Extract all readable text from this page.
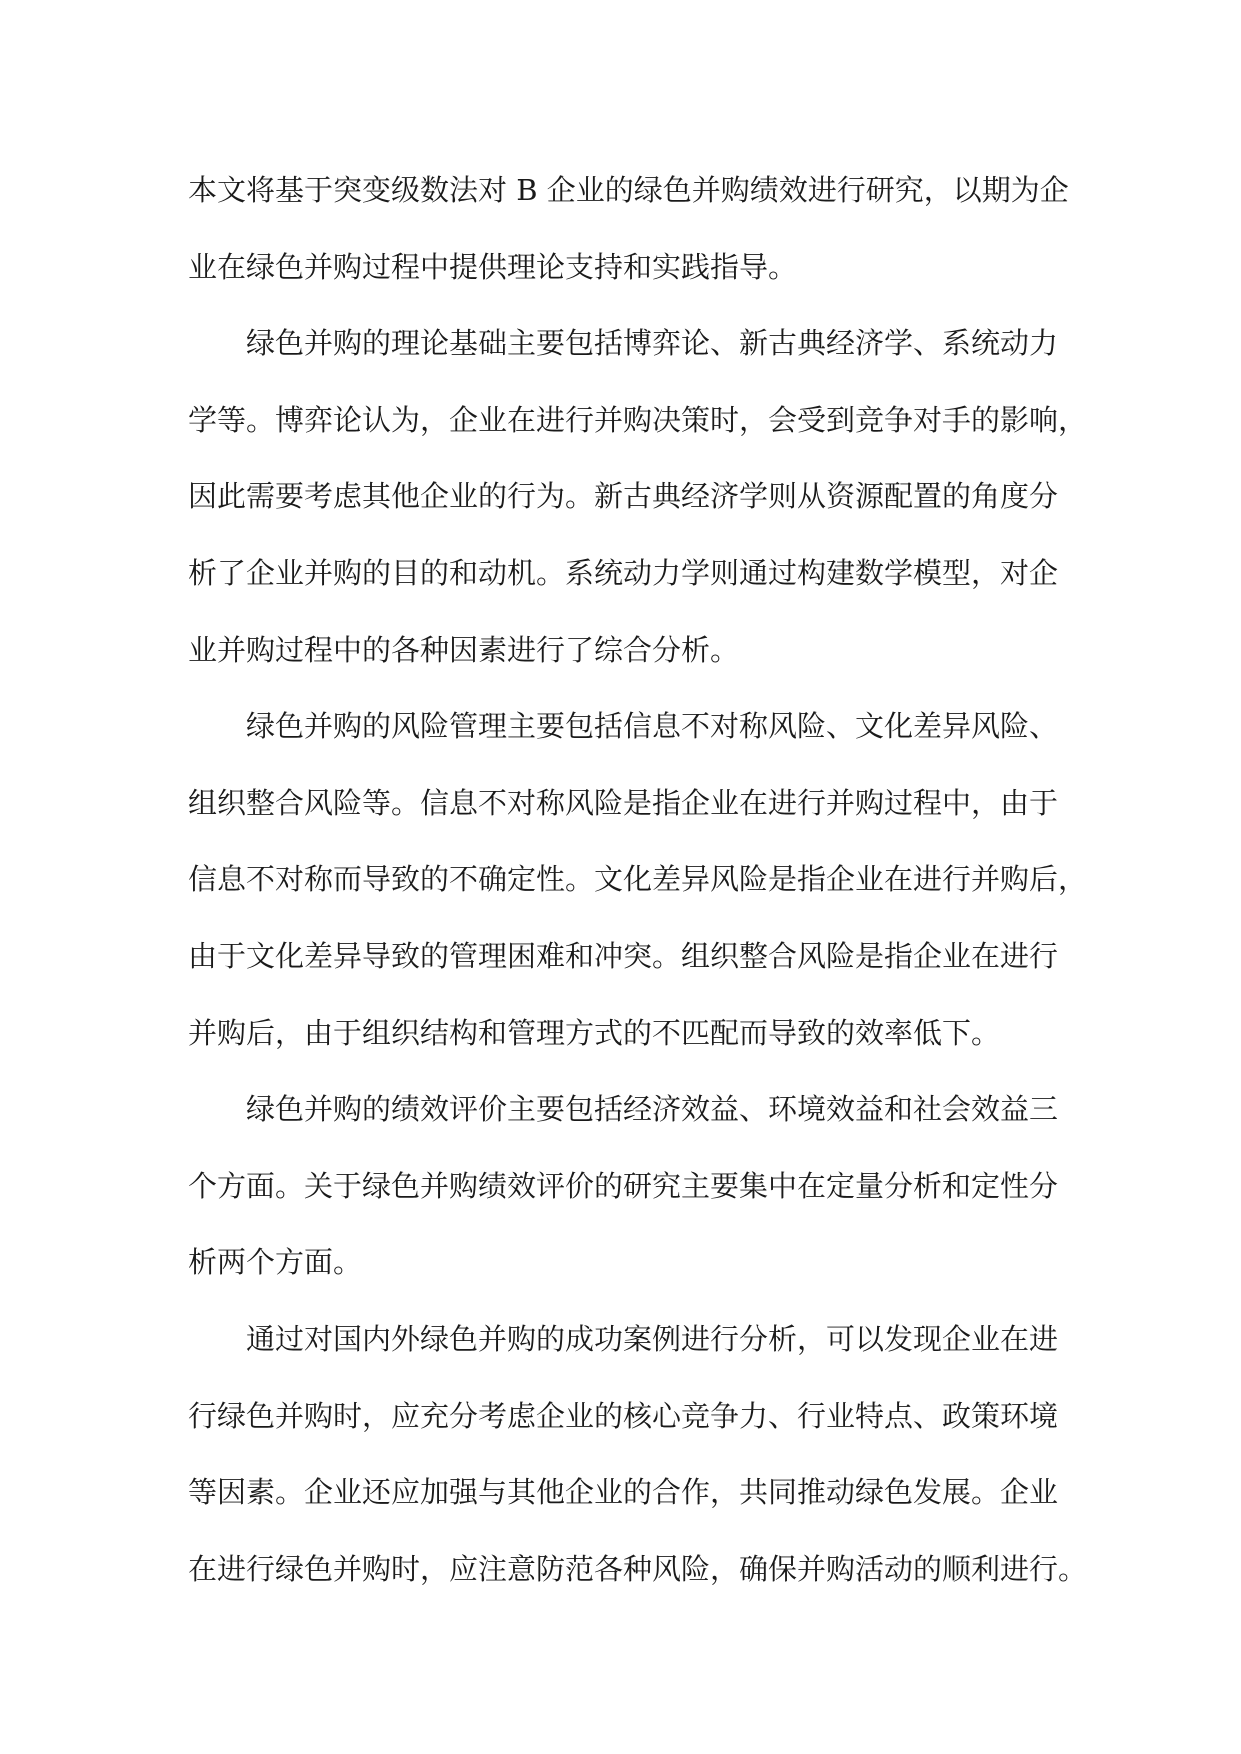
本文将基于突变级数法对 B 企业的绿色并购绩效进行研究，以期为企
业在绿色并购过程中提供理论支持和实践指导。
绿色并购的理论基础主要包括博弈论、新古典经济学、系统动力
学等。博弈论认为，企业在进行并购决策时，会受到竞争对手的影响，
因此需要考虑其他企业的行为。新古典经济学则从资源配置的角度分
析了企业并购的目的和动机。系统动力学则通过构建数学模型，对企
业并购过程中的各种因素进行了综合分析。
绿色并购的风险管理主要包括信息不对称风险、文化差异风险、
组织整合风险等。信息不对称风险是指企业在进行并购过程中，由于
信息不对称而导致的不确定性。文化差异风险是指企业在进行并购后，
由于文化差异导致的管理困难和冲突。组织整合风险是指企业在进行
并购后，由于组织结构和管理方式的不匹配而导致的效率低下。
绿色并购的绩效评价主要包括经济效益、环境效益和社会效益三
个方面。关于绿色并购绩效评价的研究主要集中在定量分析和定性分
析两个方面。
通过对国内外绿色并购的成功案例进行分析，可以发现企业在进
行绿色并购时，应充分考虑企业的核心竞争力、行业特点、政策环境
等因素。企业还应加强与其他企业的合作，共同推动绿色发展。企业
在进行绿色并购时，应注意防范各种风险，确保并购活动的顺利进行。
